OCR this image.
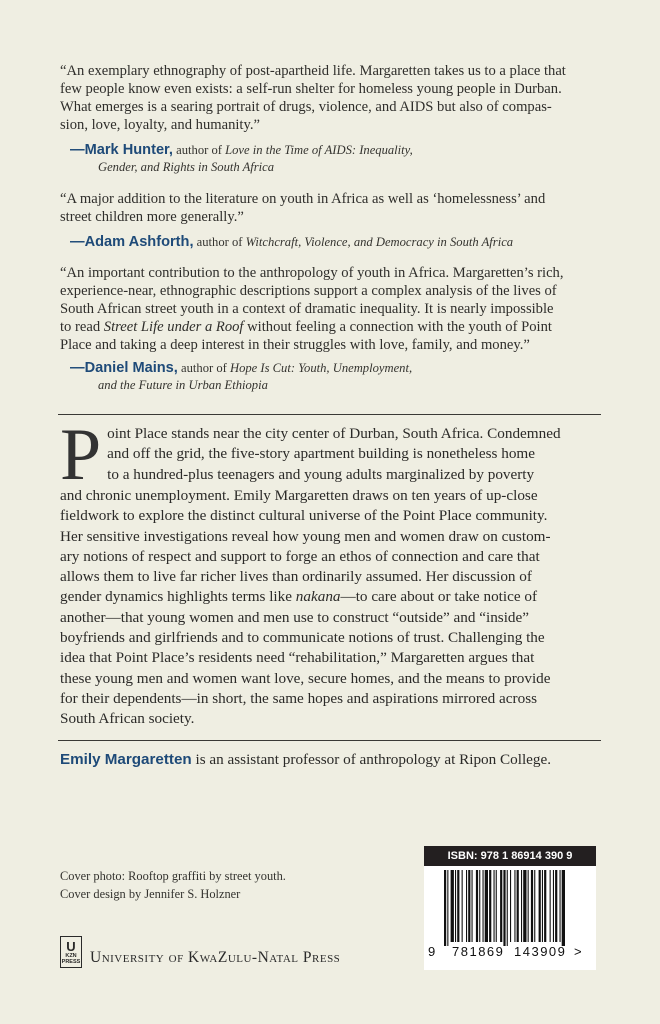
“An exemplary ethnography of post-apartheid life. Margaretten takes us to a place that
few people know even exists: a self-run shelter for homeless young people in Durban.
What emerges is a searing portrait of drugs, violence, and AIDS but also of compas-
sion, love, loyalty, and humanity.”
—Mark Hunter, author of Love in the Time of AIDS: Inequality,
Gender, and Rights in South Africa
“A major addition to the literature on youth in Africa as well as ‘homelessness’ and
street children more generally.”
—Adam Ashforth, author of Witchcraft, Violence, and Democracy in South Africa
“An important contribution to the anthropology of youth in Africa. Margaretten’s rich,
experience-near, ethnographic descriptions support a complex analysis of the lives of
South African street youth in a context of dramatic inequality. It is nearly impossible
to read Street Life under a Roof without feeling a connection with the youth of Point
Place and taking a deep interest in their struggles with love, family, and money.”
—Daniel Mains, author of Hope Is Cut: Youth, Unemployment,
and the Future in Urban Ethiopia
P oint Place stands near the city center of Durban, South Africa. Condemned
and off the grid, the five-story apartment building is nonetheless home
to a hundred-plus teenagers and young adults marginalized by poverty
and chronic unemployment. Emily Margaretten draws on ten years of up-close
fieldwork to explore the distinct cultural universe of the Point Place community.
Her sensitive investigations reveal how young men and women draw on custom-
ary notions of respect and support to forge an ethos of connection and care that
allows them to live far richer lives than ordinarily assumed. Her discussion of
gender dynamics highlights terms like nakana—to care about or take notice of
another—that young women and men use to construct “outside” and “inside”
boyfriends and girlfriends and to communicate notions of trust. Challenging the
idea that Point Place’s residents need “rehabilitation,” Margaretten argues that
these young men and women want love, secure homes, and the means to provide
for their dependents—in short, the same hopes and aspirations mirrored across
South African society.
Emily Margaretten is an assistant professor of anthropology at Ripon College.
Cover photo: Rooftop graffiti by street youth.
Cover design by Jennifer S. Holzner
U
KZN
PRESS University of KwaZulu-Natal Press
ISBN: 978 1 86914 390 9
9 781869 143909 >
